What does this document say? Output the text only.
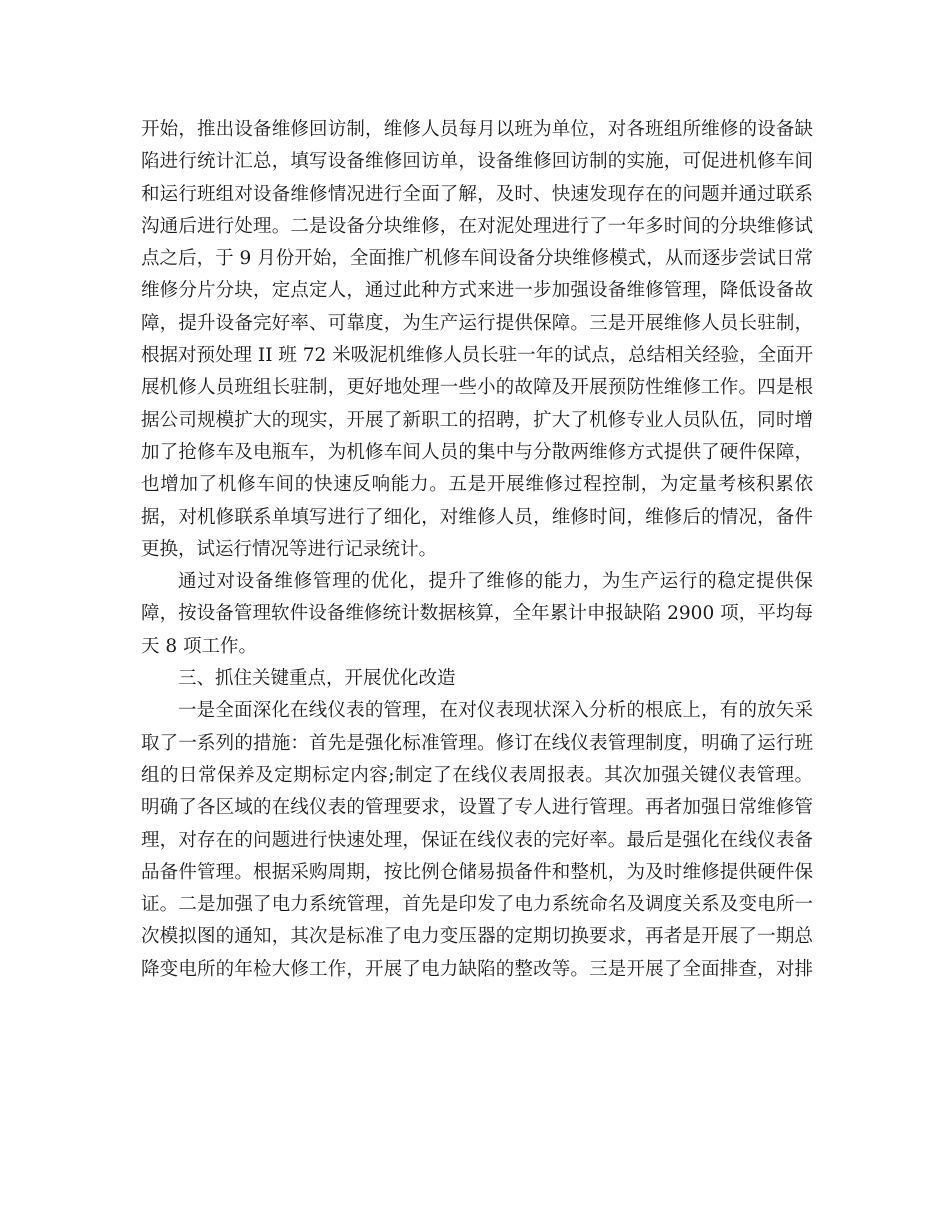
开始，推出设备维修回访制，维修人员每月以班为单位，对各班组所维修的设备缺
陷进行统计汇总，填写设备维修回访单，设备维修回访制的实施，可促进机修车间
和运行班组对设备维修情况进行全面了解，及时、快速发现存在的问题并通过联系
沟通后进行处理。二是设备分块维修，在对泥处理进行了一年多时间的分块维修试
点之后，于 9 月份开始，全面推广机修车间设备分块维修模式，从而逐步尝试日常
维修分片分块，定点定人，通过此种方式来进一步加强设备维修管理，降低设备故
障，提升设备完好率、可靠度，为生产运行提供保障。三是开展维修人员长驻制，
根据对预处理 II 班 72 米吸泥机维修人员长驻一年的试点，总结相关经验，全面开
展机修人员班组长驻制，更好地处理一些小的故障及开展预防性维修工作。四是根
据公司规模扩大的现实，开展了新职工的招聘，扩大了机修专业人员队伍，同时增
加了抢修车及电瓶车，为机修车间人员的集中与分散两维修方式提供了硬件保障，
也增加了机修车间的快速反响能力。五是开展维修过程控制，为定量考核积累依
据，对机修联系单填写进行了细化，对维修人员，维修时间，维修后的情况，备件
更换，试运行情况等进行记录统计。
通过对设备维修管理的优化，提升了维修的能力，为生产运行的稳定提供保
障，按设备管理软件设备维修统计数据核算，全年累计申报缺陷 2900 项，平均每
天 8 项工作。
三、抓住关键重点，开展优化改造
一是全面深化在线仪表的管理，在对仪表现状深入分析的根底上，有的放矢采
取了一系列的措施：首先是强化标准管理。修订在线仪表管理制度，明确了运行班
组的日常保养及定期标定内容;制定了在线仪表周报表。其次加强关键仪表管理。
明确了各区域的在线仪表的管理要求，设置了专人进行管理。再者加强日常维修管
理，对存在的问题进行快速处理，保证在线仪表的完好率。最后是强化在线仪表备
品备件管理。根据采购周期，按比例仓储易损备件和整机，为及时维修提供硬件保
证。二是加强了电力系统管理，首先是印发了电力系统命名及调度关系及变电所一
次模拟图的通知，其次是标准了电力变压器的定期切换要求，再者是开展了一期总
降变电所的年检大修工作，开展了电力缺陷的整改等。三是开展了全面排查，对排
